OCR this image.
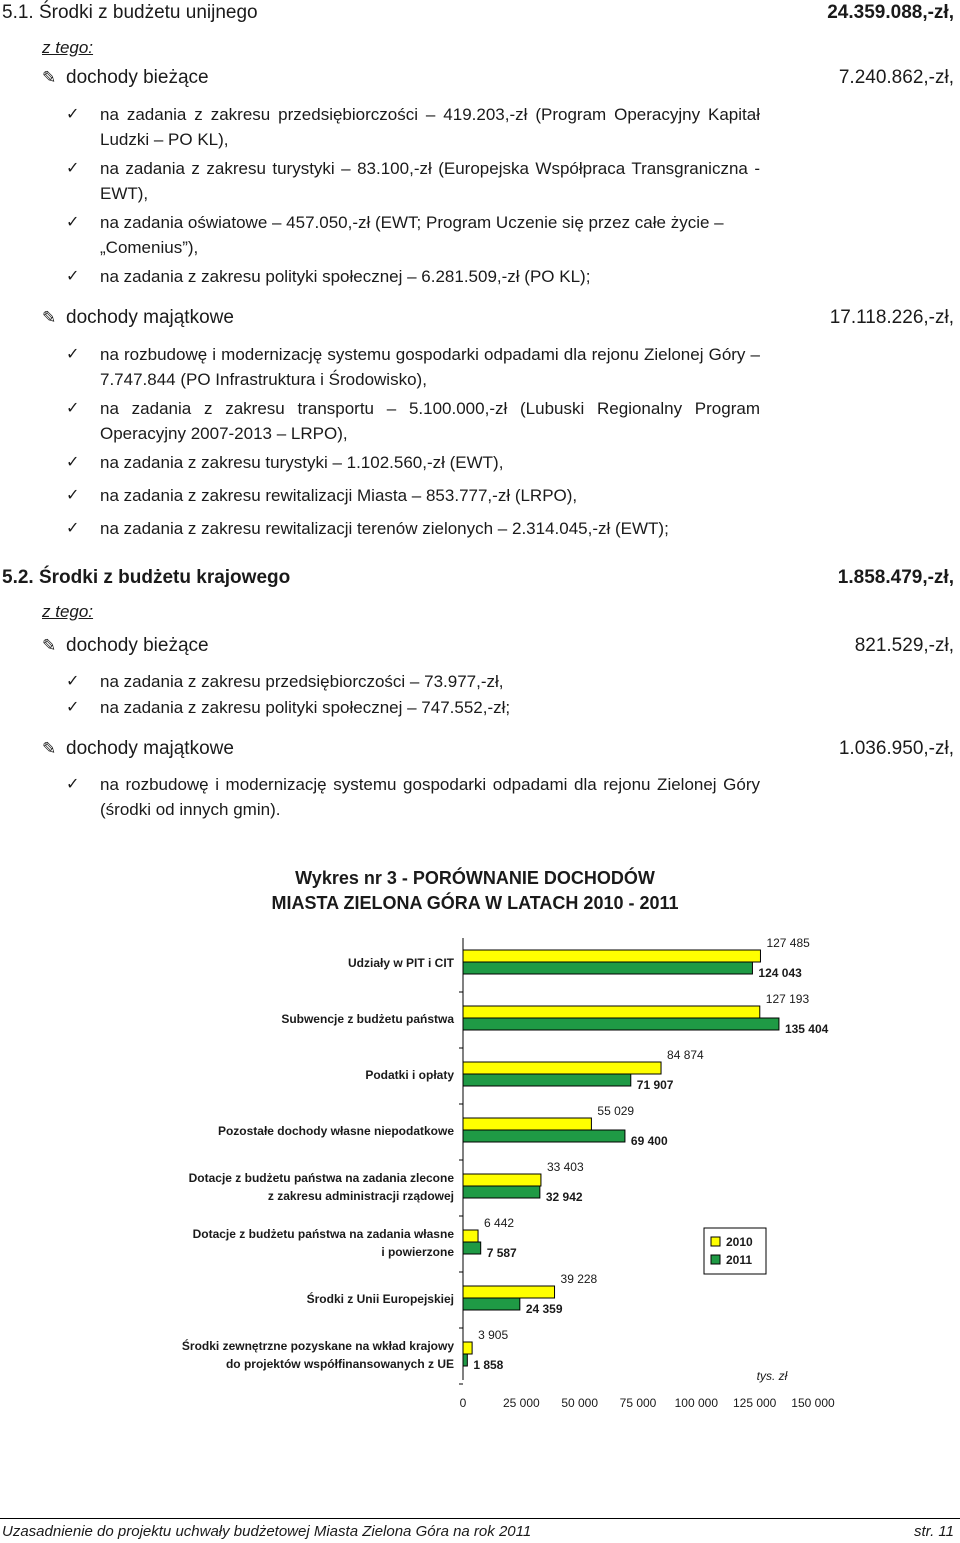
5.1. Środki z budżetu unijnego	24.359.088,-zł,
z tego:
✎ dochody bieżące	7.240.862,-zł,
✓ na zadania z zakresu przedsiębiorczości – 419.203,-zł (Program Operacyjny Kapitał Ludzki – PO KL),
✓ na zadania z zakresu turystyki – 83.100,-zł (Europejska Współpraca Transgraniczna - EWT),
✓ na zadania oświatowe – 457.050,-zł (EWT; Program Uczenie się przez całe życie – „Comenius”),
✓ na zadania z zakresu polityki społecznej – 6.281.509,-zł (PO KL);
✎ dochody majątkowe	17.118.226,-zł,
✓ na rozbudowę i modernizację systemu gospodarki odpadami dla rejonu Zielonej Góry – 7.747.844 (PO Infrastruktura i Środowisko),
✓ na zadania z zakresu transportu – 5.100.000,-zł (Lubuski Regionalny Program Operacyjny 2007-2013 – LRPO),
✓ na zadania z zakresu turystyki – 1.102.560,-zł (EWT),
✓ na zadania z zakresu rewitalizacji Miasta – 853.777,-zł (LRPO),
✓ na zadania z zakresu rewitalizacji terenów zielonych – 2.314.045,-zł (EWT);
5.2. Środki z budżetu krajowego	1.858.479,-zł,
z tego:
✎ dochody bieżące	821.529,-zł,
✓ na zadania z zakresu przedsiębiorczości – 73.977,-zł,
✓ na zadania z zakresu polityki społecznej – 747.552,-zł;
✎ dochody majątkowe	1.036.950,-zł,
✓ na rozbudowę i modernizację systemu gospodarki odpadami dla rejonu Zielonej Góry (środki od innych gmin).
Wykres nr 3 - PORÓWNANIE DOCHODÓW
MIASTA ZIELONA GÓRA W LATACH 2010 - 2011
Udziały w PIT i CIT
127 485
124 043
Subwencje z budżetu państwa
127 193
135 404
Podatki i opłaty
84 874
71 907
Pozostałe dochody własne niepodatkowe
55 029
69 400
Dotacje z budżetu państwa na zadania zlecone
z zakresu administracji rządowej
33 403
32 942
Dotacje z budżetu państwa na zadania własne
i powierzone
6 442
7 587
Środki z Unii Europejskiej
39 228
24 359
Środki zewnętrzne pozyskane na wkład krajowy
do projektów współfinansowanych z UE
3 905
1 858
0	25 000 50 000 75 000 100 000 125 000 150 000
tys. zł
2010
2011
Uzasadnienie do projektu uchwały budżetowej Miasta Zielona Góra na rok 2011	str. 11
